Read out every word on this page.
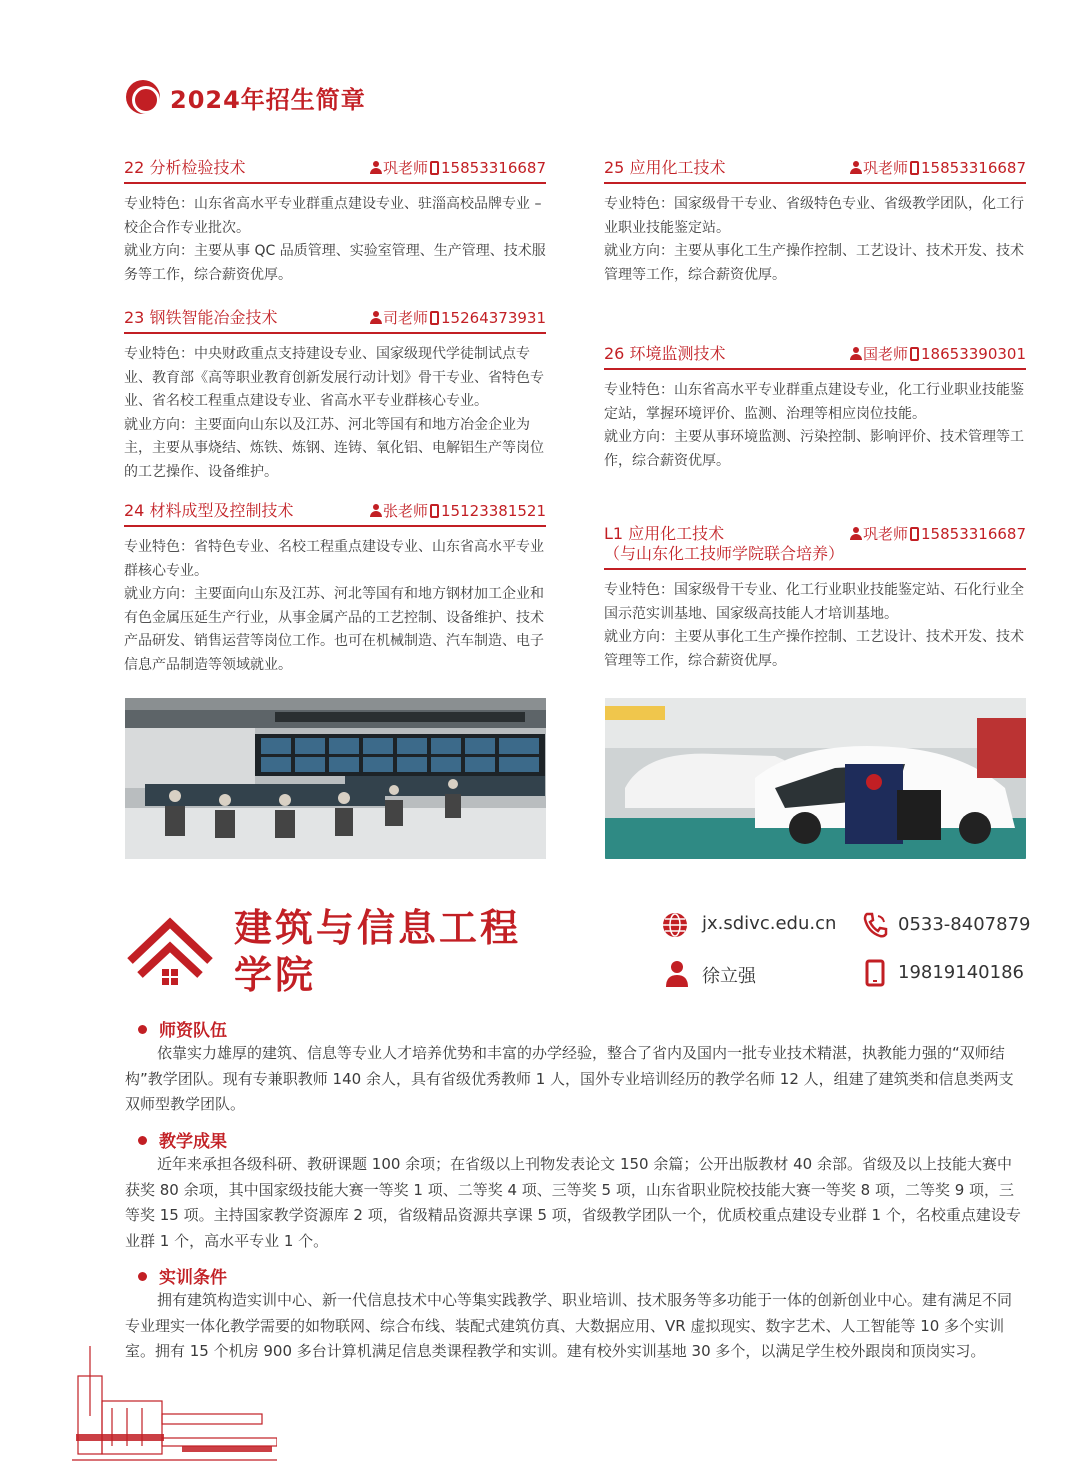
2024年招生简章
22 分析检验技术	巩老师 15853316687

专业特色：山东省高水平专业群重点建设专业、驻淄高校品牌专业 –校企合作专业批次。

就业方向：主要从事 QC 品质管理、实验室管理、生产管理、技术服务等工作，综合薪资优厚。

23 钢铁智能冶金技术	司老师 15264373931

专业特色：中央财政重点支持建设专业、国家级现代学徒制试点专业、教育部《高等职业教育创新发展行动计划》骨干专业、省特色专业、省名校工程重点建设专业、省高水平专业群核心专业。

就业方向：主要面向山东以及江苏、河北等国有和地方冶金企业为主，主要从事烧结、炼铁、炼钢、连铸、氧化铝、电解铝生产等岗位的工艺操作、设备维护。

24 材料成型及控制技术	张老师 15123381521

专业特色：省特色专业、名校工程重点建设专业、山东省高水平专业群核心专业。

就业方向：主要面向山东及江苏、河北等国有和地方钢材加工企业和有色金属压延生产行业，从事金属产品的工艺控制、设备维护、技术产品研发、销售运营等岗位工作。也可在机械制造、汽车制造、电子信息产品制造等领域就业。

25 应用化工技术	巩老师 15853316687

专业特色：国家级骨干专业、省级特色专业、省级教学团队，化工行业职业技能鉴定站。

就业方向：主要从事化工生产操作控制、工艺设计、技术开发、技术管理等工作，综合薪资优厚。

26 环境监测技术	国老师 18653390301

专业特色：山东省高水平专业群重点建设专业，化工行业职业技能鉴定站，掌握环境评价、监测、治理等相应岗位技能。

就业方向：主要从事环境监测、污染控制、影响评价、技术管理等工作，综合薪资优厚。

L1 应用化工技术
（与山东化工技师学院联合培养）
巩老师 15853316687

专业特色：国家级骨干专业、化工行业职业技能鉴定站、石化行业全国示范实训基地、国家级高技能人才培训基地。

就业方向：主要从事化工生产操作控制、工艺设计、技术开发、技术管理等工作，综合薪资优厚。

建筑与信息工程
学院
jx.sdivc.edu.cn	0533-8407879
徐立强	19819140186
师资队伍
依靠实力雄厚的建筑、信息等专业人才培养优势和丰富的办学经验，整合了省内及国内一批专业技术精湛，执教能力强的“双师结构”教学团队。现有专兼职教师 140 余人，具有省级优秀教师 1 人，国外专业培训经历的教学名师 12 人，组建了建筑类和信息类两支双师型教学团队。
教学成果
近年来承担各级科研、教研课题 100 余项；在省级以上刊物发表论文 150 余篇；公开出版教材 40 余部。省级及以上技能大赛中获奖 80 余项，其中国家级技能大赛一等奖 1 项、二等奖 4 项、三等奖 5 项，山东省职业院校技能大赛一等奖 8 项，二等奖 9 项，三等奖 15 项。主持国家教学资源库 2 项，省级精品资源共享课 5 项，省级教学团队一个，优质校重点建设专业群 1 个，名校重点建设专业群 1 个，高水平专业 1 个。
实训条件
拥有建筑构造实训中心、新一代信息技术中心等集实践教学、职业培训、技术服务等多功能于一体的创新创业中心。建有满足不同专业理实一体化教学需要的如物联网、综合布线、装配式建筑仿真、大数据应用、VR 虚拟现实、数字艺术、人工智能等 10 多个实训室。拥有 15 个机房 900 多台计算机满足信息类课程教学和实训。建有校外实训基地 30 多个，以满足学生校外跟岗和顶岗实习。
